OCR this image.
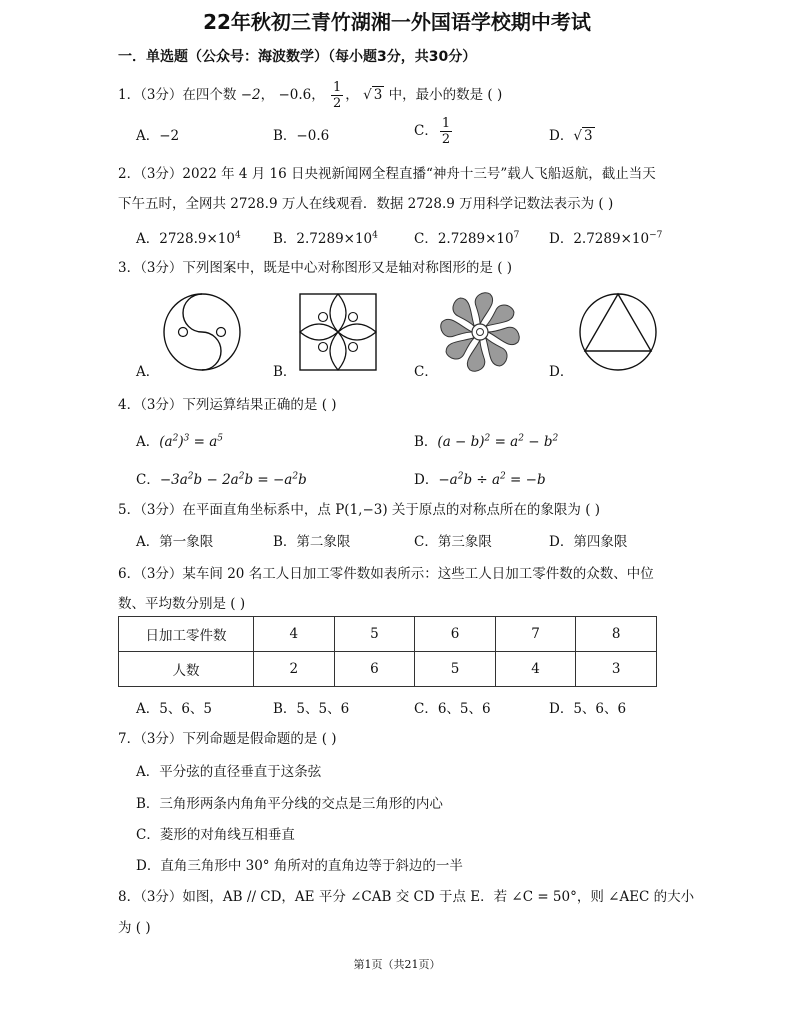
22年秋初三青竹湖湘一外国语学校期中考试
一．单选题（公众号：海波数学）（每小题3分，共30分）
1．（3分）在四个数 −2， −0.6， $\frac{1}{2}$ ， √ 3 中，最小的数是 ( )
A．−2	B．−0.6	C． $\frac{1}{2}$	D．√ 3
2．（3分）2022 年 4 月 16 日央视新闻网全程直播“神舟十三号”载人飞船返航，截止当天
下午五时，全网共 2728.9 万人在线观看．数据 2728.9 万用科学记数法表示为 ( )
A．$2728.9\times 10^4$ B．$2.7289\times 10^4$	C．$2.7289\times 10^7$ D．$2.7289\times 10^{-7}$
3．（3分）下列图案中，既是中心对称图形又是轴对称图形的是 ( )
A．	B．	C．	D．
4．（3分）下列运算结果正确的是 ( )
A．$(a^2)^3 = a^5$	B．$(a - b)^2 = a^2 - b^2$
C．$-3a^2b - 2a^2b = -a^2b$	D．$-a^2b \div a^2 = -b$
5．（3分）在平面直角坐标系中，点 P(1,−3) 关于原点的对称点所在的象限为 ( )
A．第一象限	B．第二象限	C．第三象限	D．第四象限
6．（3分）某车间 20 名工人日加工零件数如表所示：这些工人日加工零件数的众数、中位
数、平均数分别是 ( )
日加工零件数	4	5	6	7	8
人数	2	6	5	4	3
A．5、6、5	B．5、5、6	C．6、5、6	D．5、6、6
7．（3分）下列命题是假命题的是 ( )
A．平分弦的直径垂直于这条弦
B．三角形两条内角角平分线的交点是三角形的内心
C．菱形的对角线互相垂直
D．直角三角形中 30° 角所对的直角边等于斜边的一半
8．（3分）如图，AB // CD，AE 平分 ∠CAB 交 CD 于点 E．若 ∠C = 50°，则 ∠AEC 的大小
为 ( )
第1页（共21页）
